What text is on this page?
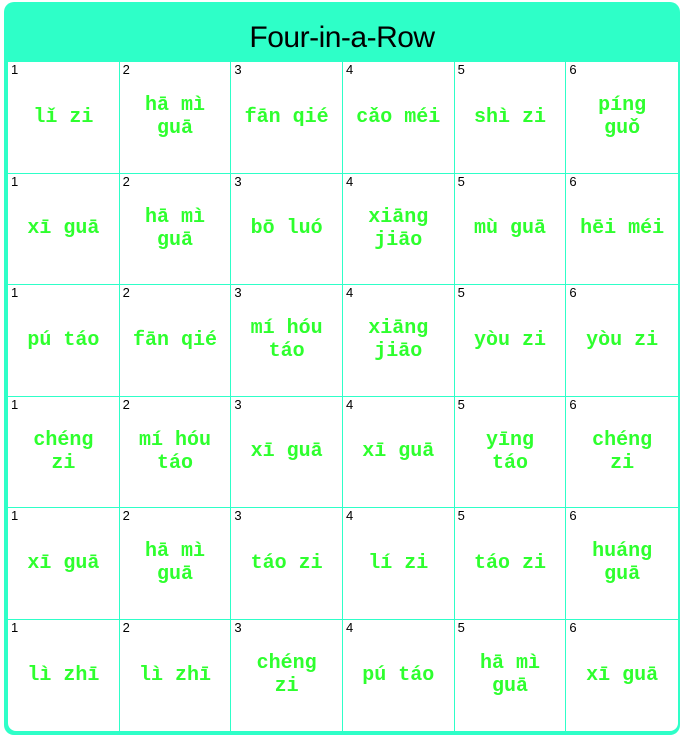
Four-in-a-Row
1
lǐ zi
2
hā mì guā
3
fān qié
4
cǎo méi
5
shì zi
6
píng guǒ
1
xī guā
2
hā mì guā
3
bō luó
4
xiāng jiāo
5
mù guā
6
hēi méi
1
pú táo
2
fān qié
3
mí hóu táo
4
xiāng jiāo
5
yòu zi
6
yòu zi
1
chéng zi
2
mí hóu táo
3
xī guā
4
xī guā
5
yīng táo
6
chéng zi
1
xī guā
2
hā mì guā
3
táo zi
4
lí zi
5
táo zi
6
huáng guā
1
lì zhī
2
lì zhī
3
chéng zi
4
pú táo
5
hā mì guā
6
xī guā
